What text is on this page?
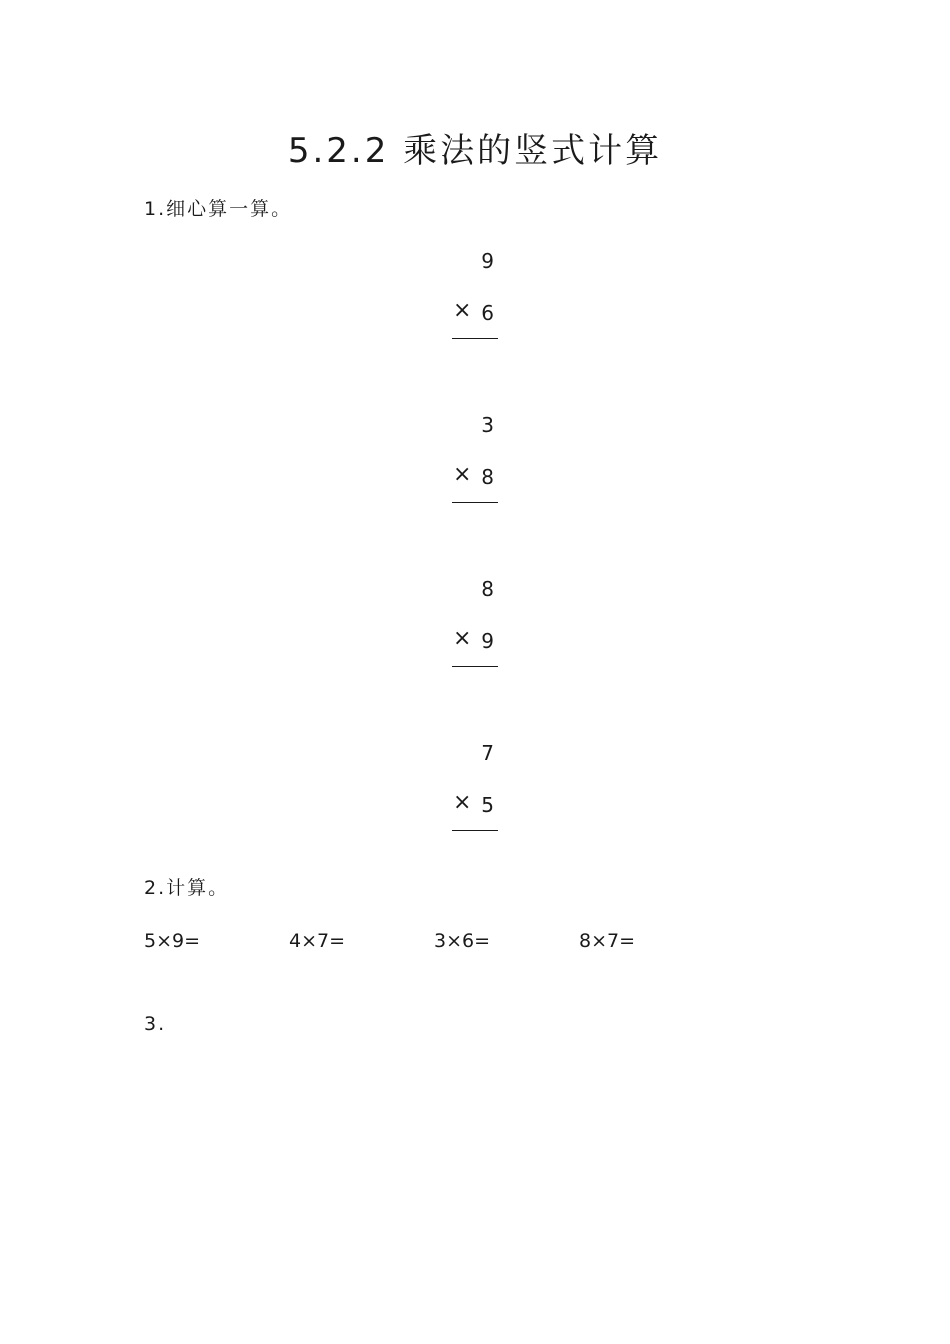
5.2.2 乘法的竖式计算
1.细心算一算。
9
× 6
3
× 8
8
× 9
7
× 5
2.计算。
5×9=	4×7=	3×6=	8×7=
3.
